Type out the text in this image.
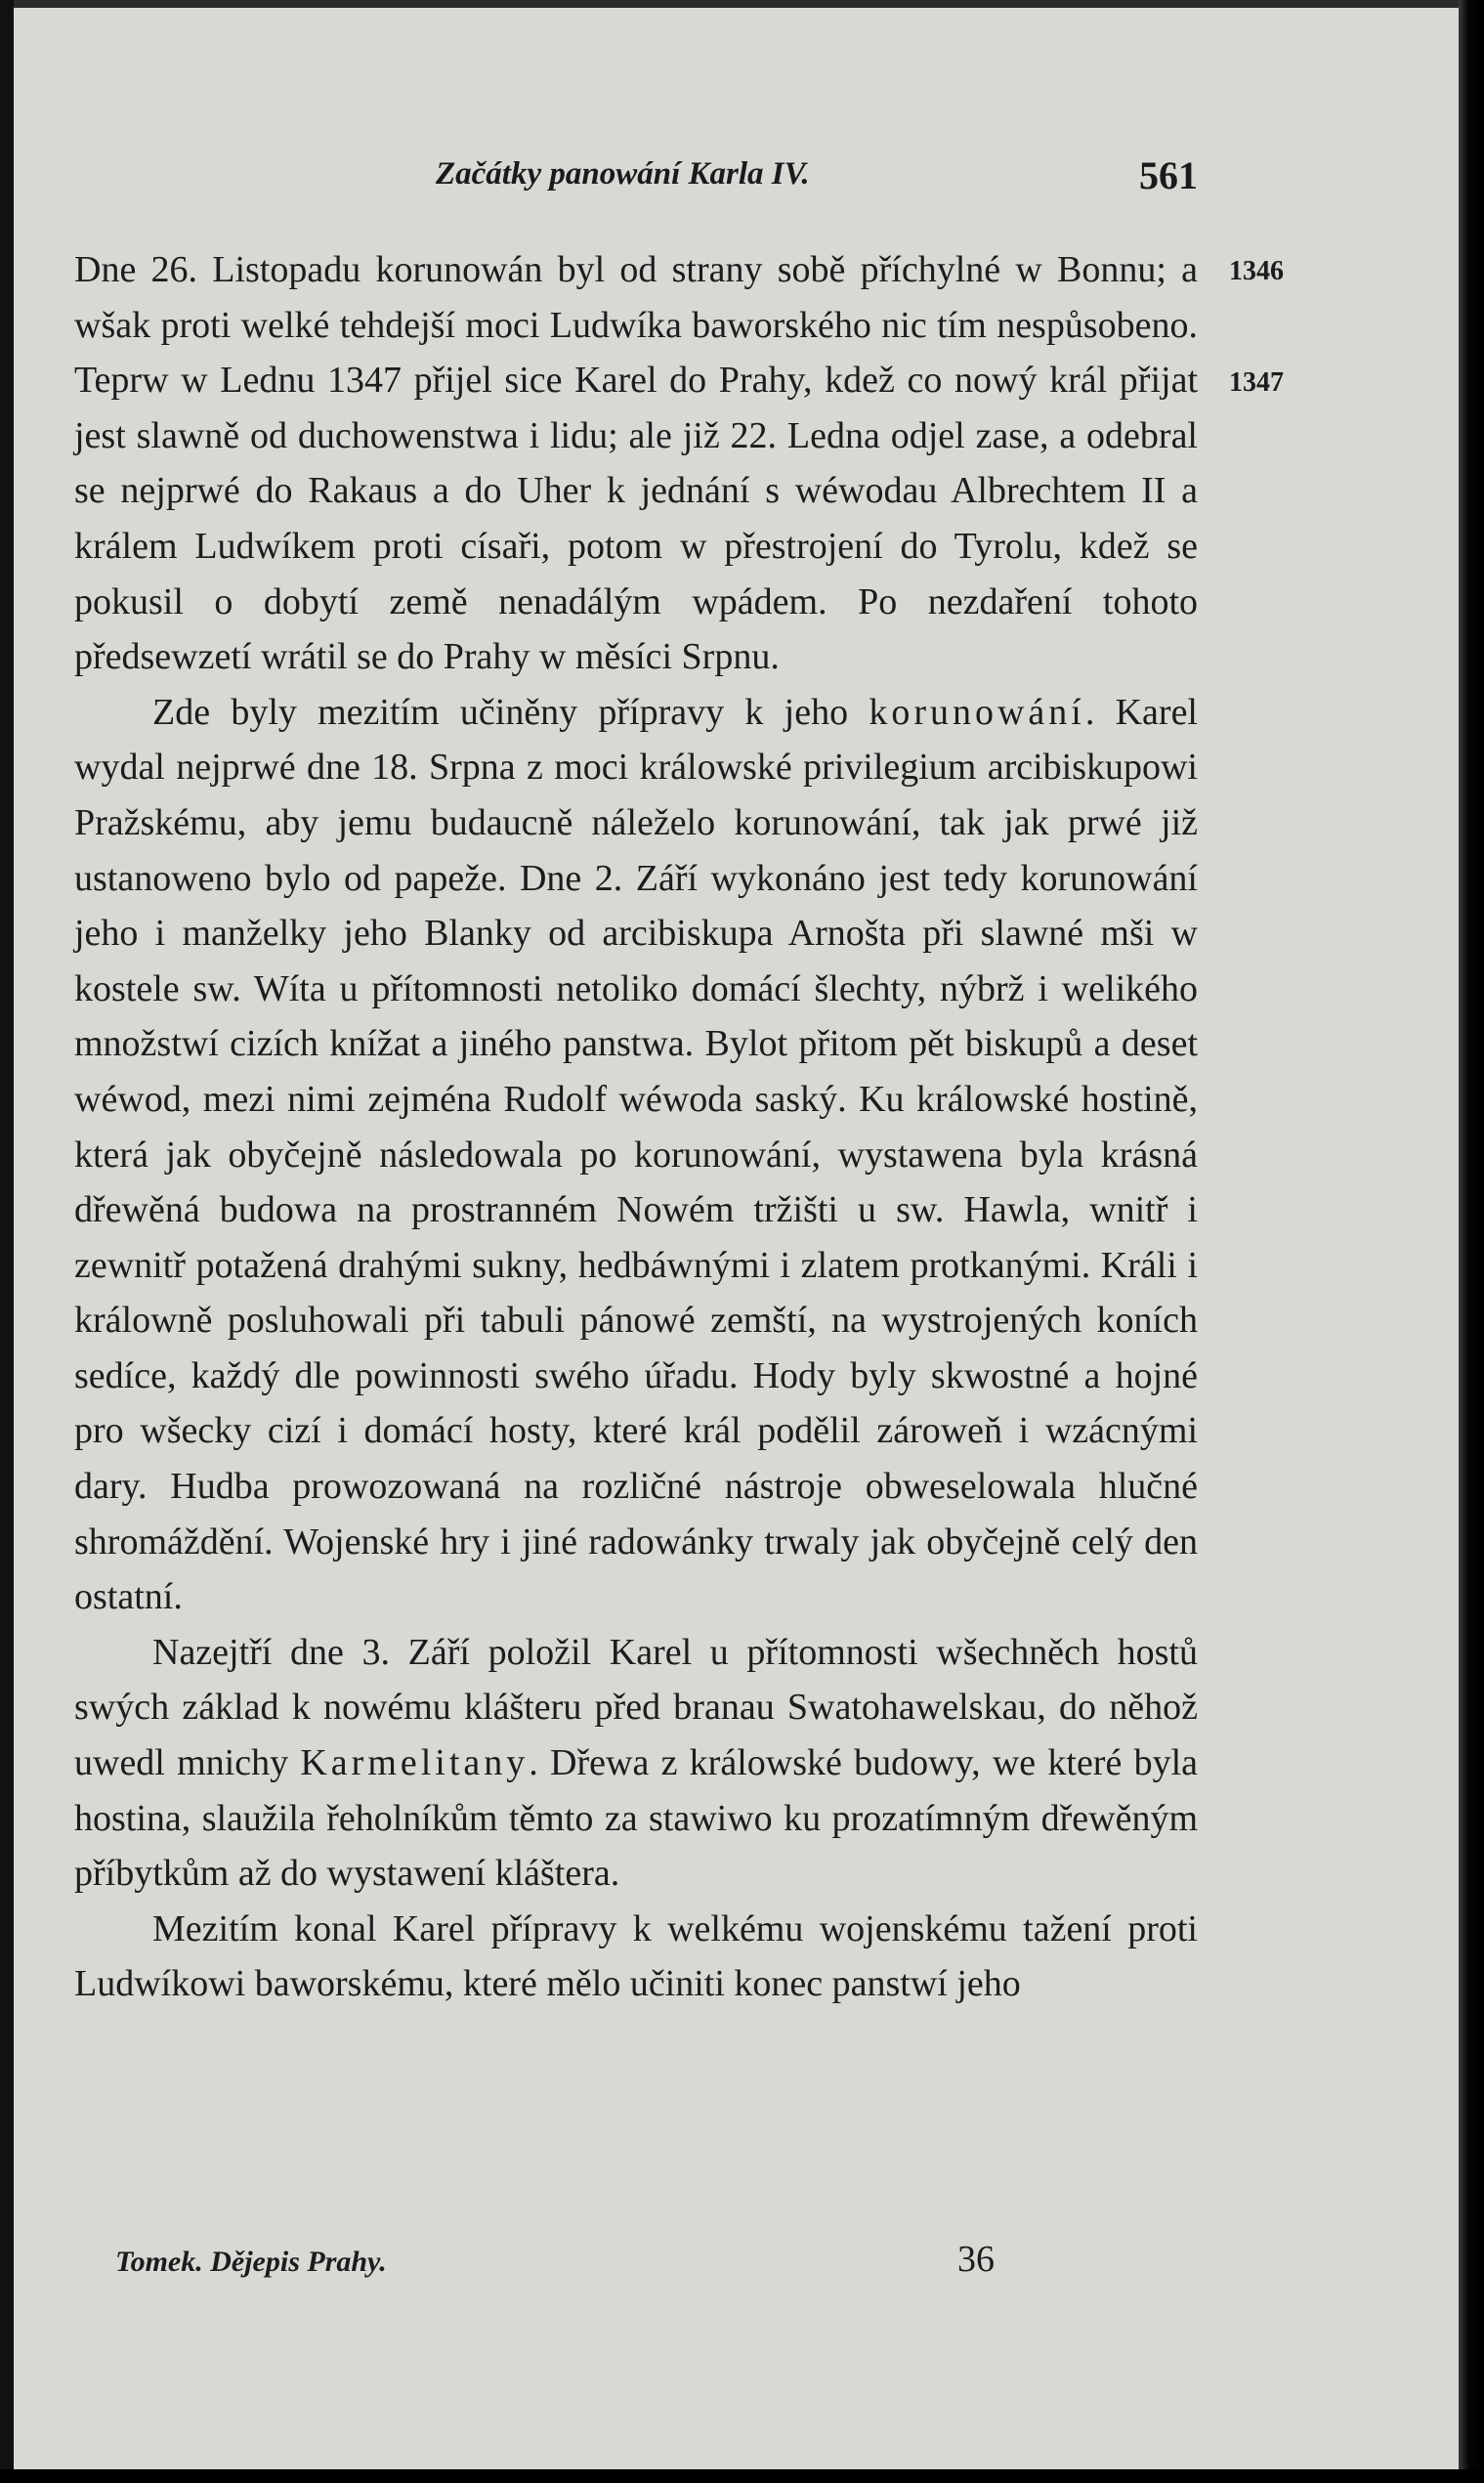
Začátky panowání Karla IV.	561
1346
1347

Dne 26. Listopadu korunowán byl od strany sobě příchylné w Bonnu; a wšak proti welké tehdejší moci Ludwíka baworského nic tím nespůsobeno. Teprw w Lednu 1347 přijel sice Karel do Prahy, kdež co nowý král přijat jest slawně od duchowenstwa i lidu; ale již 22. Ledna odjel zase, a odebral se nejprwé do Rakaus a do Uher k jednání s wéwodau Albrechtem II a králem Ludwíkem proti císaři, potom w přestrojení do Tyrolu, kdež se pokusil o dobytí země nenadálým wpádem. Po nezdaření tohoto předsewzetí wrátil se do Prahy w měsíci Srpnu.

Zde byly mezitím učiněny přípravy k jeho korunowání. Karel wydal nejprwé dne 18. Srpna z moci králowské privilegium arcibiskupowi Pražskému, aby jemu budaucně náleželo korunowání, tak jak prwé již ustanoweno bylo od papeže. Dne 2. Září wykonáno jest tedy korunowání jeho i manželky jeho Blanky od arcibiskupa Arnošta při slawné mši w kostele sw. Wíta u přítomnosti netoliko domácí šlechty, nýbrž i welikého množstwí cizích knížat a jiného panstwa. Bylot přitom pět biskupů a deset wéwod, mezi nimi zejména Rudolf wéwoda saský. Ku králowské hostině, která jak obyčejně následowala po korunowání, wystawena byla krásná dřewěná budowa na prostranném Nowém tržišti u sw. Hawla, wnitř i zewnitř potažená drahými sukny, hedbáwnými i zlatem protkanými. Králi i králowně posluhowali při tabuli pánowé zemští, na wystrojených koních sedíce, každý dle powinnosti swého úřadu. Hody byly skwostné a hojné pro wšecky cizí i domácí hosty, které král podělil zároweň i wzácnými dary. Hudba prowozowaná na rozličné nástroje obweselowala hlučné shromáždění. Wojenské hry i jiné radowánky trwaly jak obyčejně celý den ostatní.

Nazejtří dne 3. Září položil Karel u přítomnosti wšechněch hostů swých základ k nowému klášteru před branau Swatohawelskau, do něhož uwedl mnichy Karmelitany. Dřewa z králowské budowy, we které byla hostina, slaužila řeholníkům těmto za stawiwo ku prozatímným dřewěným příbytkům až do wystawení kláštera.

Mezitím konal Karel přípravy k welkému wojenskému tažení proti Ludwíkowi baworskému, které mělo učiniti konec panstwí jeho

Tomek. Dějepis Prahy.	36
